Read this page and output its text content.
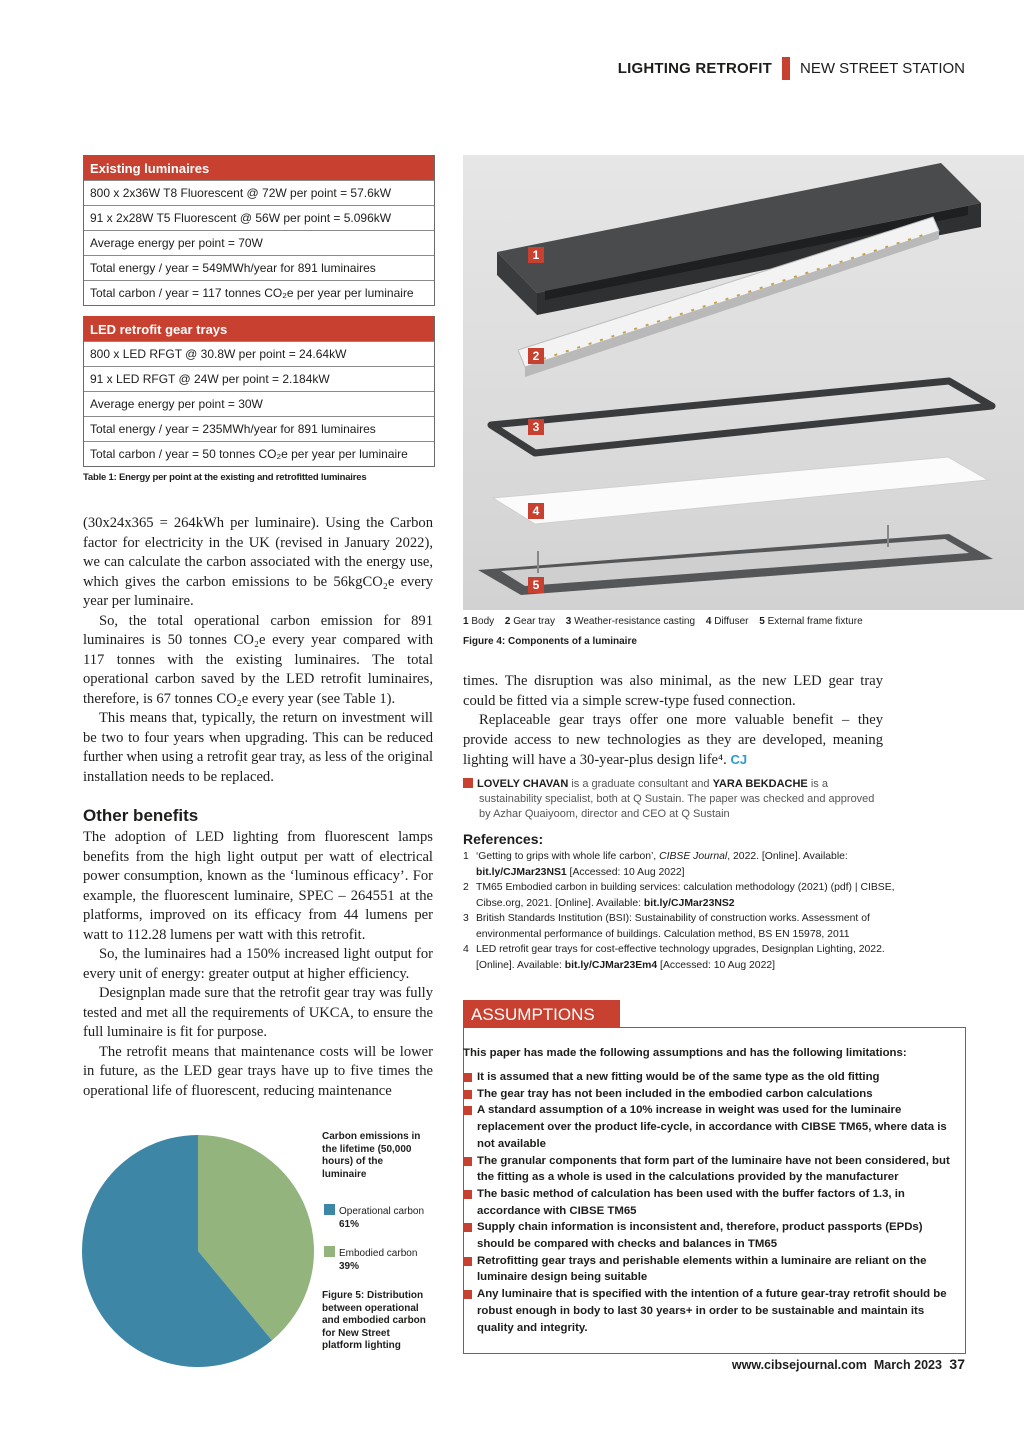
LIGHTING RETROFIT NEW STREET STATION
Existing luminaires
800 x 2x36W T8 Fluorescent @ 72W per point = 57.6kW
91 x 2x28W T5 Fluorescent @ 56W per point = 5.096kW
Average energy per point = 70W
Total energy / year = 549MWh/year for 891 luminaires
Total carbon / year = 117 tonnes CO₂e per year per luminaire
LED retrofit gear trays
800 x LED RFGT @ 30.8W per point = 24.64kW
91 x LED RFGT @ 24W per point = 2.184kW
Average energy per point = 30W
Total energy / year = 235MWh/year for 891 luminaires
Total carbon / year = 50 tonnes CO₂e per year per luminaire
Table 1: Energy per point at the existing and retrofitted luminaires

(30x24x365 = 264kWh per luminaire). Using the Carbon factor for electricity in the UK (revised in January 2022), we can calculate the carbon associated with the energy use, which gives the carbon emissions to be 56kgCO₂e every year per luminaire.

So, the total operational carbon emission for 891 luminaires is 50 tonnes CO₂e every year compared with 117 tonnes with the existing luminaires. The total operational carbon saved by the LED retrofit luminaires, therefore, is 67 tonnes CO₂e every year (see Table 1).

This means that, typically, the return on investment will be two to four years when upgrading. This can be reduced further when using a retrofit gear tray, as less of the original installation needs to be replaced.

Other benefits

The adoption of LED lighting from fluorescent lamps benefits from the high light output per watt of electrical power consumption, known as the ‘luminous efficacy’. For example, the fluorescent luminaire, SPEC – 264551 at the platforms, improved on its efficacy from 44 lumens per watt to 112.28 lumens per watt with this retrofit.

So, the luminaires had a 150% increased light output for every unit of energy: greater output at higher efficiency.

Designplan made sure that the retrofit gear tray was fully tested and met all the requirements of UKCA, to ensure the full luminaire is fit for purpose.

The retrofit means that maintenance costs will be lower in future, as the LED gear trays have up to five times the operational life of fluorescent, reducing maintenance

1
2
3
4
5
1 Body 2 Gear tray 3 Weather-resistance casting 4 Diffuser 5 External frame fixture
Figure 4: Components of a luminaire

times. The disruption was also minimal, as the new LED gear tray could be fitted via a simple screw-type fused connection.

Replaceable gear trays offer one more valuable benefit – they provide access to new technologies as they are developed, meaning lighting will have a 30-year-plus design life⁴. CJ

LOVELY CHAVAN is a graduate consultant and YARA BEKDACHE is a
sustainability specialist, both at Q Sustain. The paper was checked and approved
by Azhar Quaiyoom, director and CEO at Q Sustain
References:
1 ‘Getting to grips with whole life carbon’, CIBSE Journal, 2022. [Online]. Available: bit.ly/CJMar23NS1 [Accessed: 10 Aug 2022]
2 TM65 Embodied carbon in building services: calculation methodology (2021) (pdf) | CIBSE, Cibse.org, 2021. [Online]. Available: bit.ly/CJMar23NS2
3 British Standards Institution (BSI): Sustainability of construction works. Assessment of environmental performance of buildings. Calculation method, BS EN 15978, 2011
4 LED retrofit gear trays for cost-effective technology upgrades, Designplan Lighting, 2022. [Online]. Available: bit.ly/CJMar23Em4 [Accessed: 10 Aug 2022]
ASSUMPTIONS
This paper has made the following assumptions and has the following limitations:
It is assumed that a new fitting would be of the same type as the old fitting
The gear tray has not been included in the embodied carbon calculations
A standard assumption of a 10% increase in weight was used for the luminaire replacement over the product life-cycle, in accordance with CIBSE TM65, where data is not available
The granular components that form part of the luminaire have not been considered, but the fitting as a whole is used in the calculations provided by the manufacturer
The basic method of calculation has been used with the buffer factors of 1.3, in accordance with CIBSE TM65
Supply chain information is inconsistent and, therefore, product passports (EPDs) should be compared with checks and balances in TM65
Retrofitting gear trays and perishable elements within a luminaire are reliant on the luminaire design being suitable
Any luminaire that is specified with the intention of a future gear-tray retrofit should be robust enough in body to last 30 years+ in order to be sustainable and maintain its quality and integrity.
Carbon emissions in the lifetime (50,000 hours) of the luminaire
Operational carbon
61%
Embodied carbon
39%
Figure 5: Distribution between operational and embodied carbon for New Street platform lighting
www.cibsejournal.com March 2023 37
